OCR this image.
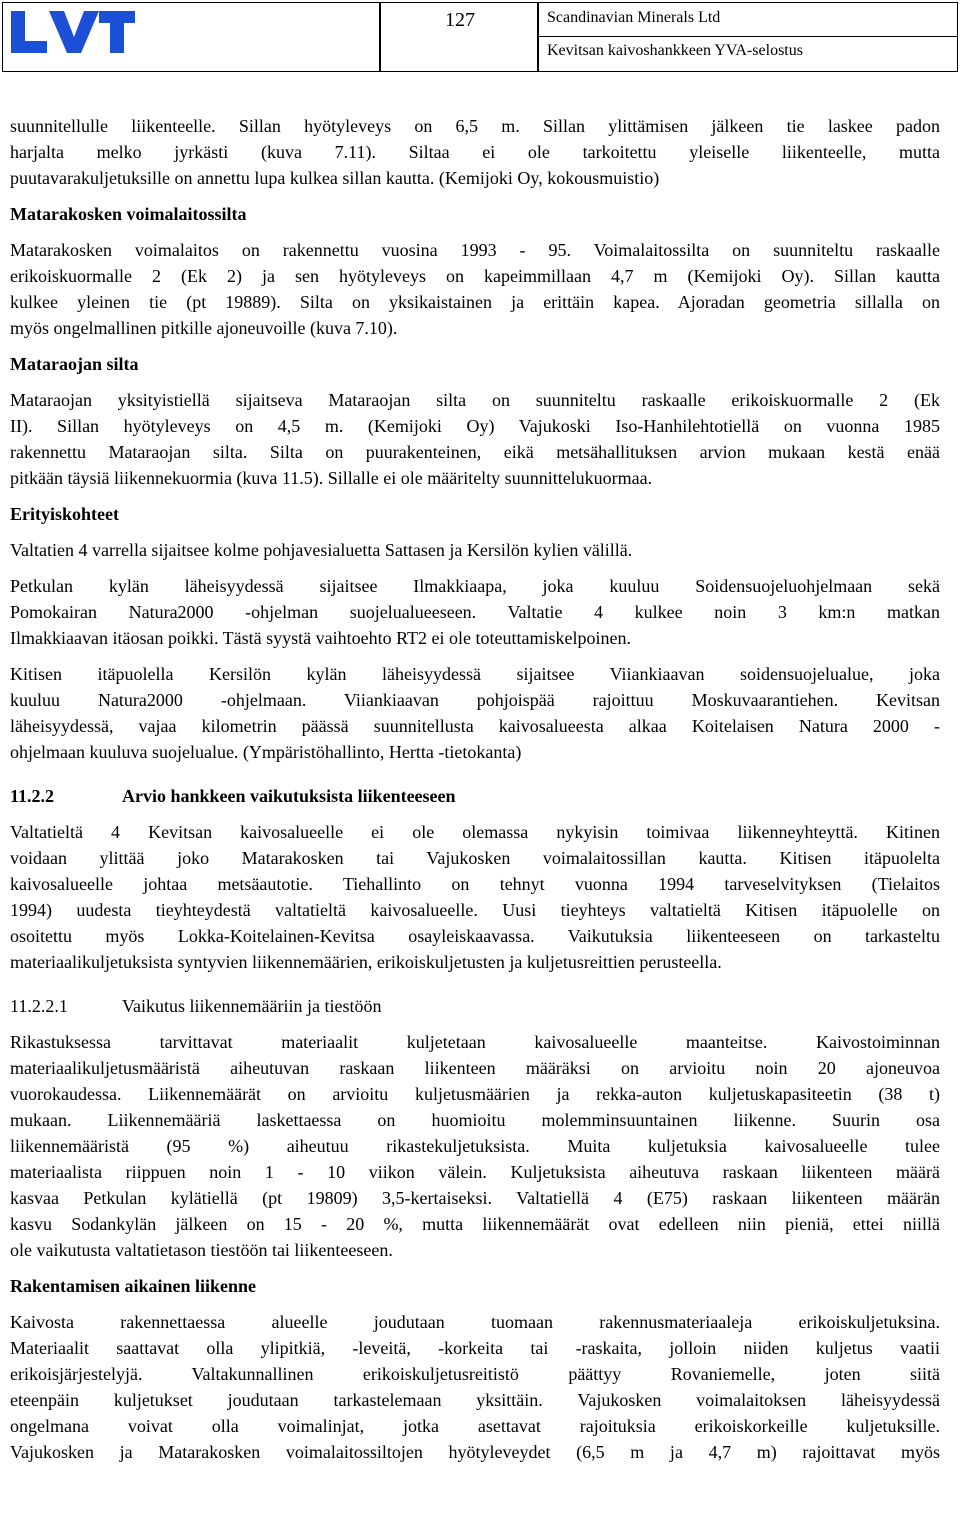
127	Scandinavian Minerals Ltd
Kevitsan kaivoshankkeen YVA-selostus

suunnitellulle liikenteelle. Sillan hyötyleveys on 6,5 m. Sillan ylittämisen jälkeen tie laskee padon

harjalta melko jyrkästi (kuva 7.11). Siltaa ei ole tarkoitettu yleiselle liikenteelle, mutta

puutavarakuljetuksille on annettu lupa kulkea sillan kautta. (Kemijoki Oy, kokousmuistio)

Matarakosken voimalaitossilta

Matarakosken voimalaitos on rakennettu vuosina 1993 - 95. Voimalaitossilta on suunniteltu raskaalle

erikoiskuormalle 2 (Ek 2) ja sen hyötyleveys on kapeimmillaan 4,7 m (Kemijoki Oy). Sillan kautta

kulkee yleinen tie (pt 19889). Silta on yksikaistainen ja erittäin kapea. Ajoradan geometria sillalla on

myös ongelmallinen pitkille ajoneuvoille (kuva 7.10).

Mataraojan silta

Mataraojan yksityistiellä sijaitseva Mataraojan silta on suunniteltu raskaalle erikoiskuormalle 2 (Ek

II). Sillan hyötyleveys on 4,5 m. (Kemijoki Oy) Vajukoski Iso-Hanhilehtotiellä on vuonna 1985

rakennettu Mataraojan silta. Silta on puurakenteinen, eikä metsähallituksen arvion mukaan kestä enää

pitkään täysiä liikennekuormia (kuva 11.5). Sillalle ei ole määritelty suunnittelukuormaa.

Erityiskohteet

Valtatien 4 varrella sijaitsee kolme pohjavesialuetta Sattasen ja Kersilön kylien välillä.

Petkulan kylän läheisyydessä sijaitsee Ilmakkiaapa, joka kuuluu Soidensuojeluohjelmaan sekä

Pomokairan Natura2000 -ohjelman suojelualueeseen. Valtatie 4 kulkee noin 3 km:n matkan

Ilmakkiaavan itäosan poikki. Tästä syystä vaihtoehto RT2 ei ole toteuttamiskelpoinen.

Kitisen itäpuolella Kersilön kylän läheisyydessä sijaitsee Viiankiaavan soidensuojelualue, joka

kuuluu Natura2000 -ohjelmaan. Viiankiaavan pohjoispää rajoittuu Moskuvaarantiehen. Kevitsan

läheisyydessä, vajaa kilometrin päässä suunnitellusta kaivosalueesta alkaa Koitelaisen Natura 2000 -

ohjelmaan kuuluva suojelualue. (Ympäristöhallinto, Hertta -tietokanta)

11.2.2	Arvio hankkeen vaikutuksista liikenteeseen

Valtatieltä 4 Kevitsan kaivosalueelle ei ole olemassa nykyisin toimivaa liikenneyhteyttä. Kitinen

voidaan ylittää joko Matarakosken tai Vajukosken voimalaitossillan kautta. Kitisen itäpuolelta

kaivosalueelle johtaa metsäautotie. Tiehallinto on tehnyt vuonna 1994 tarveselvityksen (Tielaitos

1994) uudesta tieyhteydestä valtatieltä kaivosalueelle. Uusi tieyhteys valtatieltä Kitisen itäpuolelle on

osoitettu myös Lokka-Koitelainen-Kevitsa osayleiskaavassa. Vaikutuksia liikenteeseen on tarkasteltu

materiaalikuljetuksista syntyvien liikennemäärien, erikoiskuljetusten ja kuljetusreittien perusteella.

11.2.2.1	Vaikutus liikennemääriin ja tiestöön

Rikastuksessa tarvittavat materiaalit kuljetetaan kaivosalueelle maanteitse. Kaivostoiminnan

materiaalikuljetusmääristä aiheutuvan raskaan liikenteen määräksi on arvioitu noin 20 ajoneuvoa

vuorokaudessa. Liikennemäärät on arvioitu kuljetusmäärien ja rekka-auton kuljetuskapasiteetin (38 t)

mukaan. Liikennemääriä laskettaessa on huomioitu molemminsuuntainen liikenne. Suurin osa

liikennemääristä (95 %) aiheutuu rikastekuljetuksista. Muita kuljetuksia kaivosalueelle tulee

materiaalista riippuen noin 1 - 10 viikon välein. Kuljetuksista aiheutuva raskaan liikenteen määrä

kasvaa Petkulan kylätiellä (pt 19809) 3,5-kertaiseksi. Valtatiellä 4 (E75) raskaan liikenteen määrän

kasvu Sodankylän jälkeen on 15 - 20 %, mutta liikennemäärät ovat edelleen niin pieniä, ettei niillä

ole vaikutusta valtatietason tiestöön tai liikenteeseen.

Rakentamisen aikainen liikenne

Kaivosta rakennettaessa alueelle joudutaan tuomaan rakennusmateriaaleja erikoiskuljetuksina.

Materiaalit saattavat olla ylipitkiä, -leveitä, -korkeita tai -raskaita, jolloin niiden kuljetus vaatii

erikoisjärjestelyjä. Valtakunnallinen erikoiskuljetusreitistö päättyy Rovaniemelle, joten siitä

eteenpäin kuljetukset joudutaan tarkastelemaan yksittäin. Vajukosken voimalaitoksen läheisyydessä

ongelmana voivat olla voimalinjat, jotka asettavat rajoituksia erikoiskorkeille kuljetuksille.

Vajukosken ja Matarakosken voimalaitossiltojen hyötyleveydet (6,5 m ja 4,7 m) rajoittavat myös
